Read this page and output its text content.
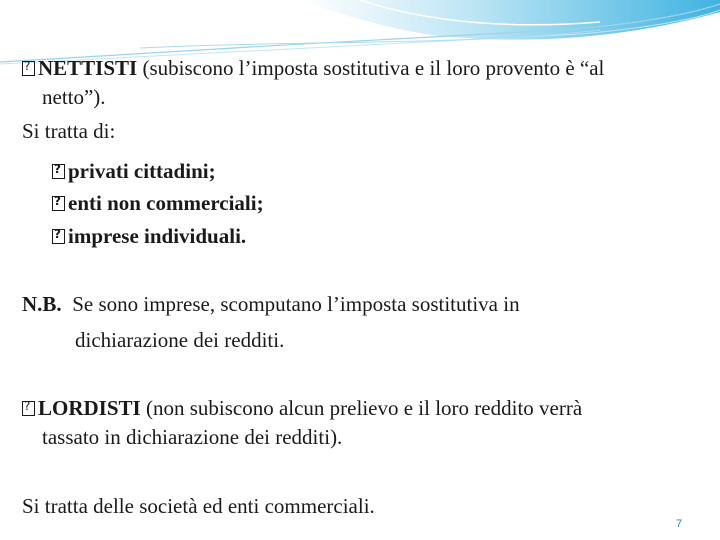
?NETTISTI (subiscono l’imposta sostitutiva e il loro provento è “al
netto”).
Si tratta di:
?privati cittadini;
?enti non commerciali;
?imprese individuali.
N.B. Se sono imprese, scomputano l’imposta sostitutiva in
dichiarazione dei redditi.
?LORDISTI (non subiscono alcun prelievo e il loro reddito verrà
tassato in dichiarazione dei redditi).
Si tratta delle società ed enti commerciali.
7
